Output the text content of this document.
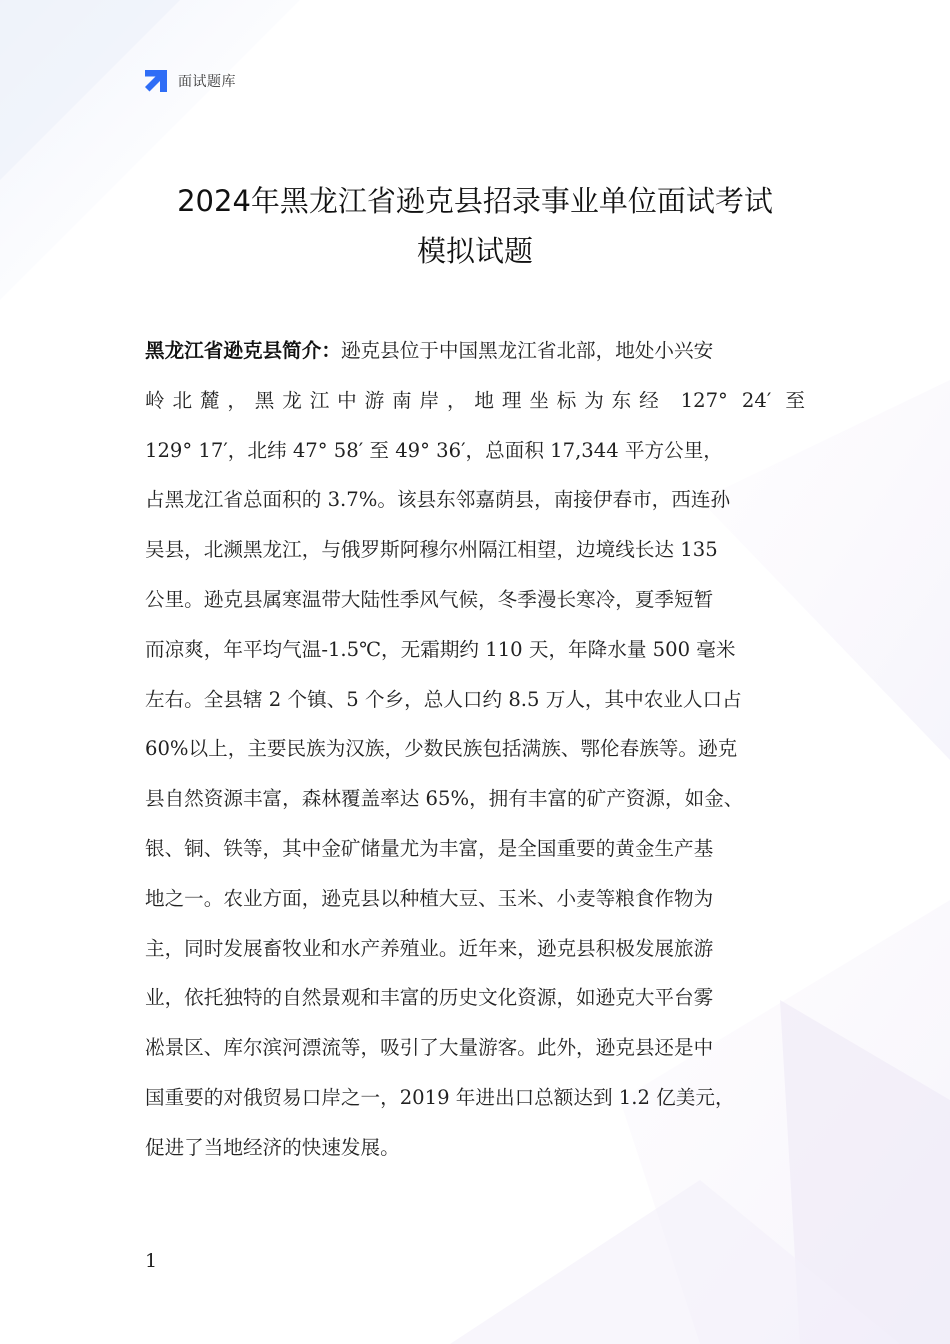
面试题库
2024年黑龙江省逊克县招录事业单位面试考试
模拟试题
黑龙江省逊克县简介：逊克县位于中国黑龙江省北部，地处小兴安
岭北麓，黑龙江中游南岸，地理坐标为东经 127° 24′ 至
129° 17′，北纬 47° 58′ 至 49° 36′，总面积 17,344 平方公里，
占黑龙江省总面积的 3.7%。该县东邻嘉荫县，南接伊春市，西连孙
吴县，北濒黑龙江，与俄罗斯阿穆尔州隔江相望，边境线长达 135
公里。逊克县属寒温带大陆性季风气候，冬季漫长寒冷，夏季短暂
而凉爽，年平均气温-1.5℃，无霜期约 110 天，年降水量 500 毫米
左右。全县辖 2 个镇、5 个乡，总人口约 8.5 万人，其中农业人口占
60%以上，主要民族为汉族，少数民族包括满族、鄂伦春族等。逊克
县自然资源丰富，森林覆盖率达 65%，拥有丰富的矿产资源，如金、
银、铜、铁等，其中金矿储量尤为丰富，是全国重要的黄金生产基
地之一。农业方面，逊克县以种植大豆、玉米、小麦等粮食作物为
主，同时发展畜牧业和水产养殖业。近年来，逊克县积极发展旅游
业，依托独特的自然景观和丰富的历史文化资源，如逊克大平台雾
凇景区、库尔滨河漂流等，吸引了大量游客。此外，逊克县还是中
国重要的对俄贸易口岸之一，2019 年进出口总额达到 1.2 亿美元，
促进了当地经济的快速发展。
1
